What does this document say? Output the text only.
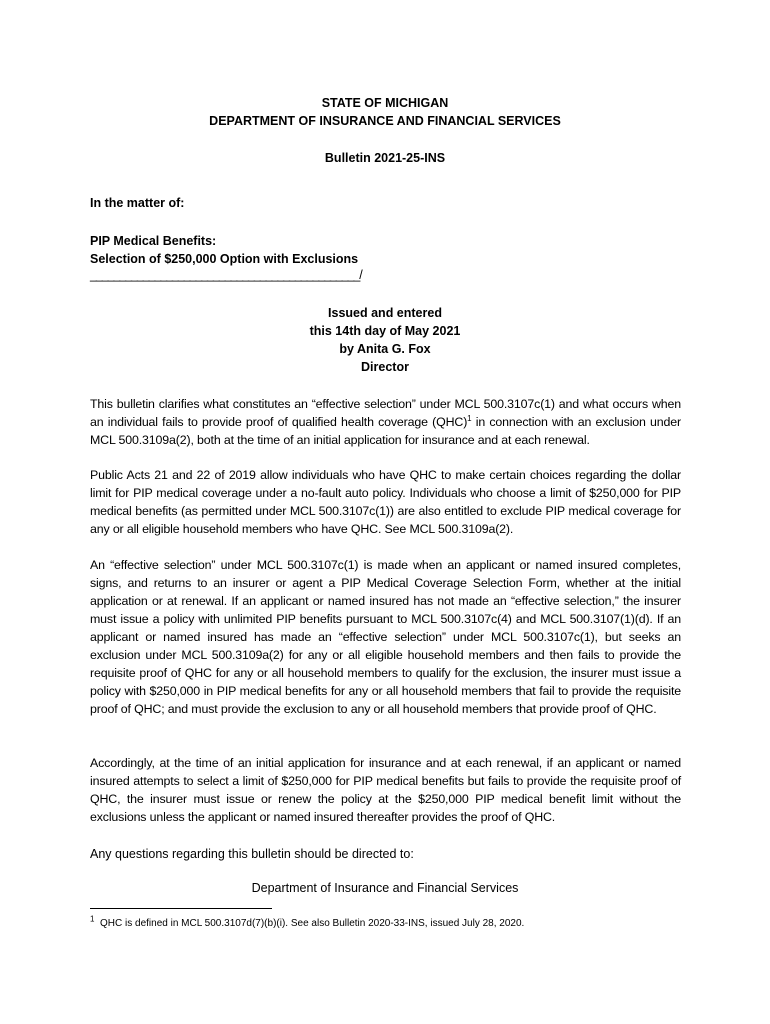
STATE OF MICHIGAN
DEPARTMENT OF INSURANCE AND FINANCIAL SERVICES
Bulletin 2021-25-INS
In the matter of:
PIP Medical Benefits:
Selection of $250,000 Option with Exclusions
______________________________________________/
Issued and entered
this 14th day of May 2021
by Anita G. Fox
Director
This bulletin clarifies what constitutes an “effective selection” under MCL 500.3107c(1) and what occurs when an individual fails to provide proof of qualified health coverage (QHC)$^1$ in connection with an exclusion under MCL 500.3109a(2), both at the time of an initial application for insurance and at each renewal.
Public Acts 21 and 22 of 2019 allow individuals who have QHC to make certain choices regarding the dollar limit for PIP medical coverage under a no-fault auto policy. Individuals who choose a limit of $250,000 for PIP medical benefits (as permitted under MCL 500.3107c(1)) are also entitled to exclude PIP medical coverage for any or all eligible household members who have QHC. See MCL 500.3109a(2).
An “effective selection” under MCL 500.3107c(1) is made when an applicant or named insured completes, signs, and returns to an insurer or agent a PIP Medical Coverage Selection Form, whether at the initial application or at renewal. If an applicant or named insured has not made an “effective selection,” the insurer must issue a policy with unlimited PIP benefits pursuant to MCL 500.3107c(4) and MCL 500.3107(1)(d). If an applicant or named insured has made an “effective selection” under MCL 500.3107c(1), but seeks an exclusion under MCL 500.3109a(2) for any or all eligible household members and then fails to provide the requisite proof of QHC for any or all household members to qualify for the exclusion, the insurer must issue a policy with $250,000 in PIP medical benefits for any or all household members that fail to provide the requisite proof of QHC; and must provide the exclusion to any or all household members that provide proof of QHC.
Accordingly, at the time of an initial application for insurance and at each renewal, if an applicant or named insured attempts to select a limit of $250,000 for PIP medical benefits but fails to provide the requisite proof of QHC, the insurer must issue or renew the policy at the $250,000 PIP medical benefit limit without the exclusions unless the applicant or named insured thereafter provides the proof of QHC.
Any questions regarding this bulletin should be directed to:
Department of Insurance and Financial Services
$^1$ QHC is defined in MCL 500.3107d(7)(b)(i). See also Bulletin 2020-33-INS, issued July 28, 2020.
